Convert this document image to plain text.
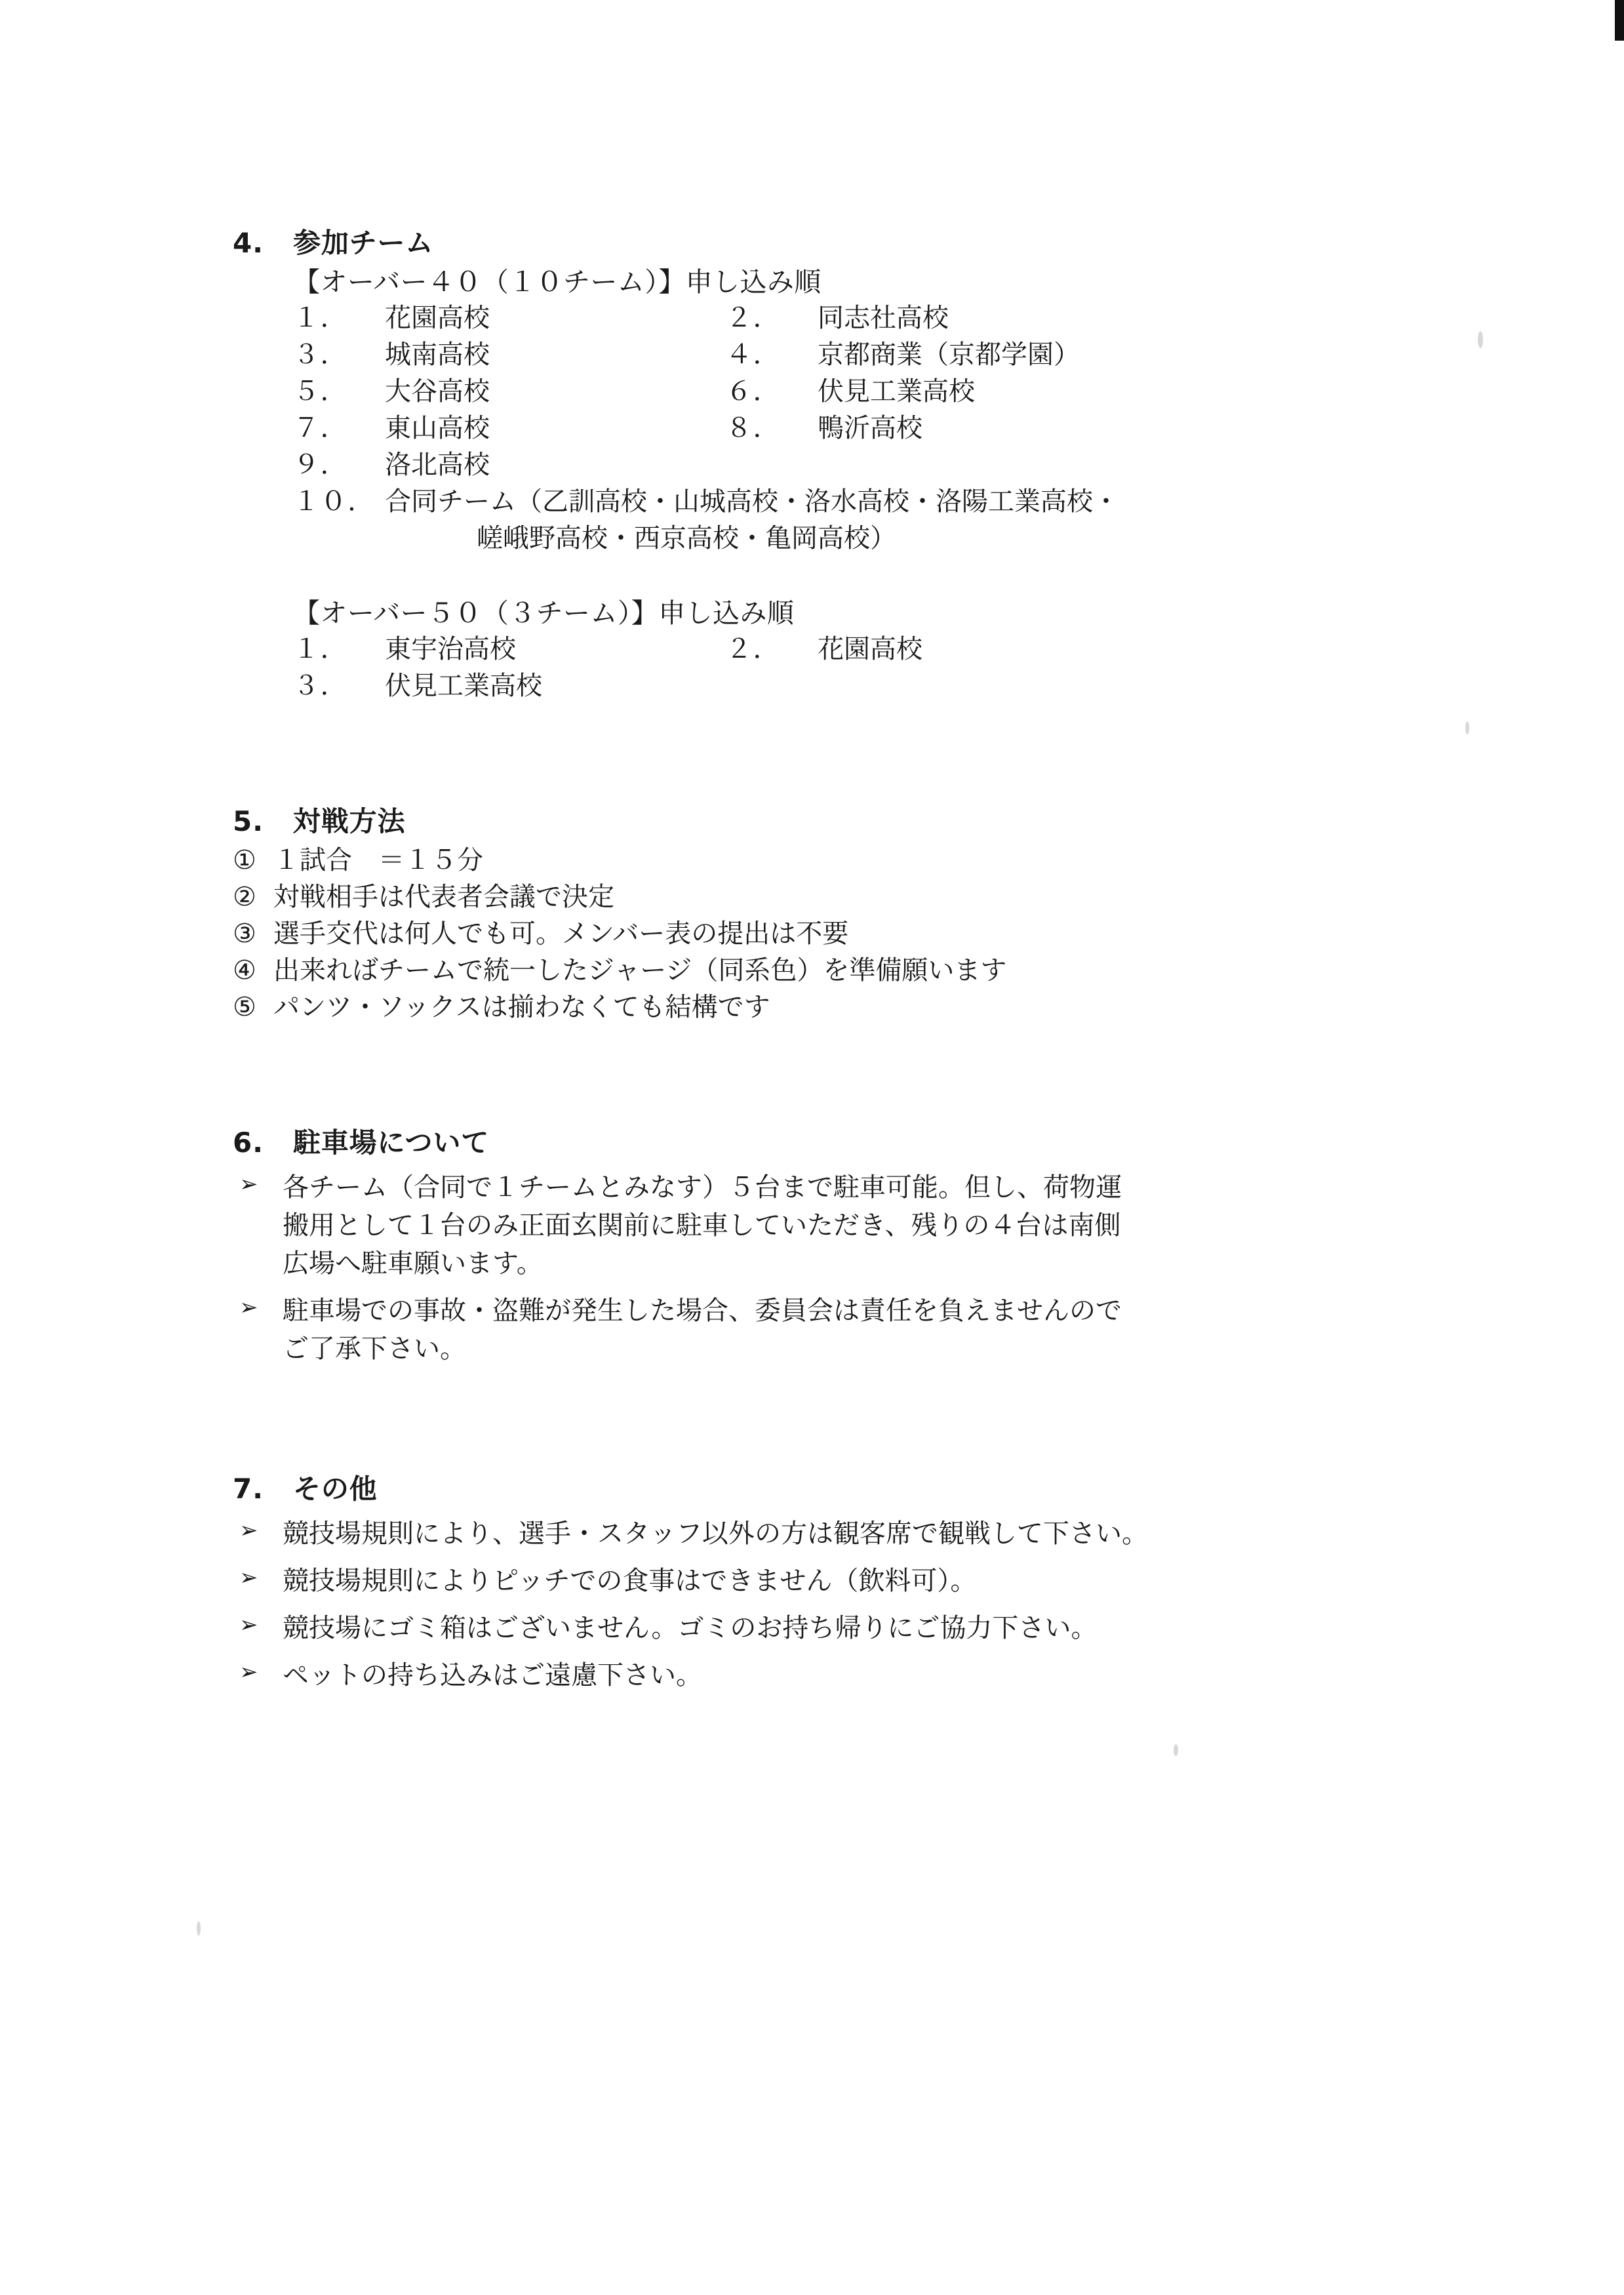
4.	参加チーム
【オーバー４０（１０チーム）】申し込み順
１．	花園高校	２．	同志社高校
３．	城南高校	４．	京都商業（京都学園）
５．	大谷高校	６．	伏見工業高校
７．	東山高校	８．	鴨沂高校
９．	洛北高校
１０． 合同チーム（乙訓高校・山城高校・洛水高校・洛陽工業高校・
嵯峨野高校・西京高校・亀岡高校）
【オーバー５０（３チーム）】申し込み順
１．	東宇治高校	２．	花園高校
３．	伏見工業高校
5.	対戦方法
① １試合　＝１５分
② 対戦相手は代表者会議で決定
③ 選手交代は何人でも可。メンバー表の提出は不要
④ 出来ればチームで統一したジャージ（同系色）を準備願います
⑤ パンツ・ソックスは揃わなくても結構です
6.	駐車場について
➢ 各チーム（合同で１チームとみなす）５台まで駐車可能。但し、荷物運
搬用として１台のみ正面玄関前に駐車していただき、残りの４台は南側
広場へ駐車願います。
➢ 駐車場での事故・盗難が発生した場合、委員会は責任を負えませんので
ご了承下さい。
7.	その他
➢ 競技場規則により、選手・スタッフ以外の方は観客席で観戦して下さい。
➢ 競技場規則によりピッチでの食事はできません（飲料可）。
➢ 競技場にゴミ箱はございません。ゴミのお持ち帰りにご協力下さい。
➢ ペットの持ち込みはご遠慮下さい。
